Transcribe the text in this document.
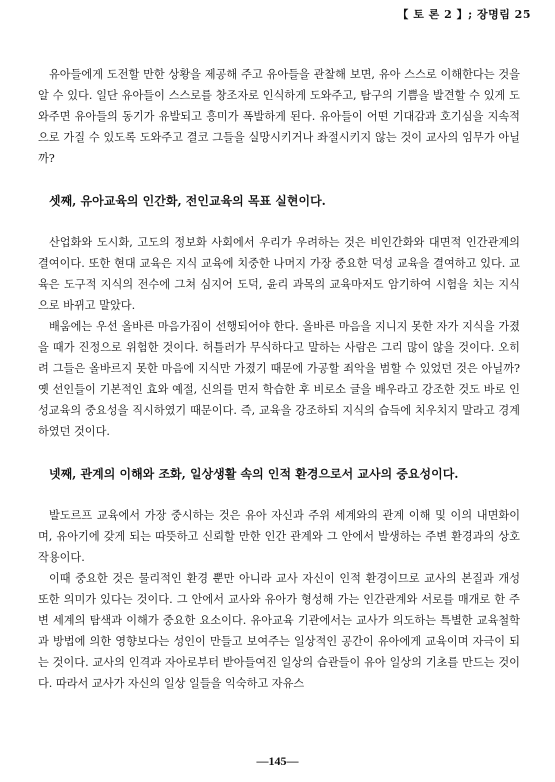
【 토 론 2 】; 장명림 25

유아들에게 도전할 만한 상황을 제공해 주고 유아들을 관찰해 보면, 유아 스스로 이해한다는 것을 알 수 있다. 일단 유아들이 스스로를 창조자로 인식하게 도와주고, 탐구의 기쁨을 발견할 수 있게 도와주면 유아들의 동기가 유발되고 흥미가 폭발하게 된다. 유아들이 어떤 기대감과 호기심을 지속적으로 가질 수 있도록 도와주고 결코 그들을 실망시키거나 좌절시키지 않는 것이 교사의 임무가 아닐까?

셋째, 유아교육의 인간화, 전인교육의 목표 실현이다.

산업화와 도시화, 고도의 정보화 사회에서 우리가 우려하는 것은 비인간화와 대면적 인간관계의 결여이다. 또한 현대 교육은 지식 교육에 치중한 나머지 가장 중요한 덕성 교육을 결여하고 있다. 교육은 도구적 지식의 전수에 그쳐 심지어 도덕, 윤리 과목의 교육마저도 암기하여 시험을 치는 지식으로 바뀌고 말았다.

배움에는 우선 올바른 마음가짐이 선행되어야 한다. 올바른 마음을 지니지 못한 자가 지식을 가졌을 때가 진정으로 위험한 것이다. 허틀러가 무식하다고 말하는 사람은 그리 많이 않을 것이다. 오히려 그들은 올바르지 못한 마음에 지식만 가졌기 때문에 가공할 죄악을 범할 수 있었던 것은 아닐까? 옛 선인들이 기본적인 효와 예절, 신의를 먼저 학습한 후 비로소 글을 배우라고 강조한 것도 바로 인성교육의 중요성을 직시하였기 때문이다. 즉, 교육을 강조하되 지식의 습득에 치우치지 말라고 경계하였던 것이다.

넷째, 관계의 이해와 조화, 일상생활 속의 인적 환경으로서 교사의 중요성이다.

발도르프 교육에서 가장 중시하는 것은 유아 자신과 주위 세계와의 관계 이해 및 이의 내면화이며, 유아기에 갖게 되는 따뜻하고 신뢰할 만한 인간 관계와 그 안에서 발생하는 주변 환경과의 상호작용이다.

이때 중요한 것은 물리적인 환경 뿐만 아니라 교사 자신이 인적 환경이므로 교사의 본질과 개성 또한 의미가 있다는 것이다. 그 안에서 교사와 유아가 형성해 가는 인간관계와 서로를 매개로 한 주변 세계의 탐색과 이해가 중요한 요소이다. 유아교육 기관에서는 교사가 의도하는 특별한 교육철학과 방법에 의한 영향보다는 성인이 만들고 보여주는 일상적인 공간이 유아에게 교육이며 자극이 되는 것이다. 교사의 인격과 자아로부터 받아들여진 일상의 습관들이 유아 일상의 기초를 만드는 것이다. 따라서 교사가 자신의 일상 일들을 익숙하고 자유스

—145—
